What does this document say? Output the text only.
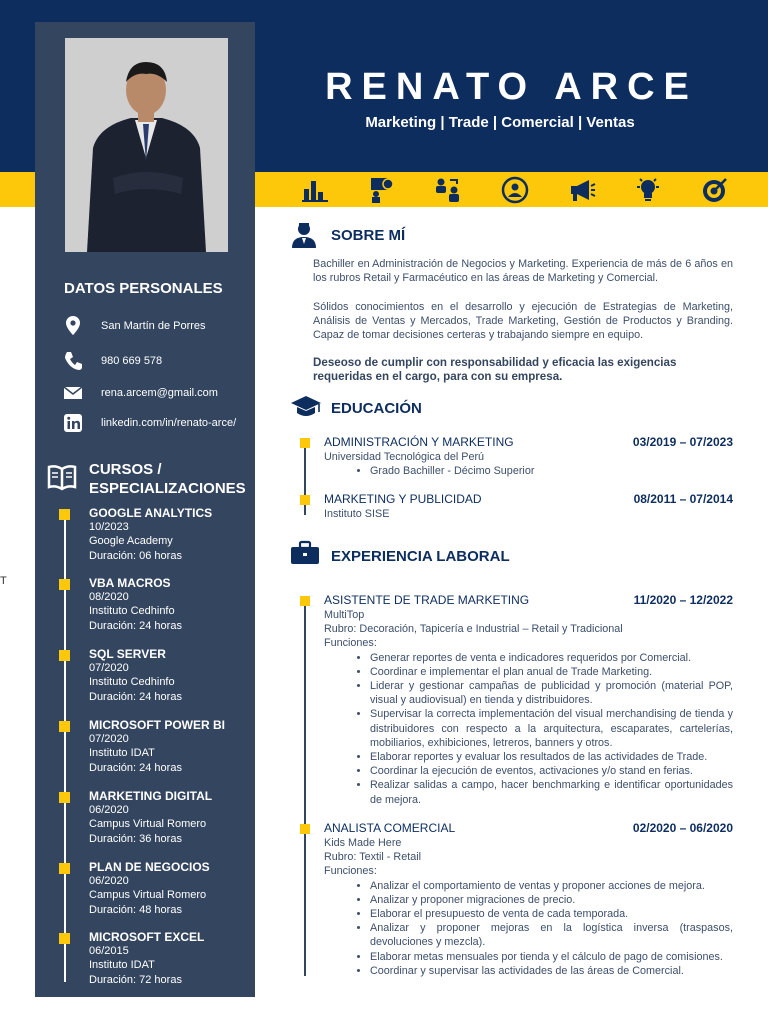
RENATO ARCE
Marketing | Trade | Comercial | Ventas
T
DATOS PERSONALES
San Martín de Porres
980 669 578
rena.arcem@gmail.com
linkedin.com/in/renato-arce/
CURSOS /
ESPECIALIZACIONES
GOOGLE ANALYTICS
10/2023
Google Academy
Duración: 06 horas
VBA MACROS
08/2020
Instituto Cedhinfo
Duración: 24 horas
SQL SERVER
07/2020
Instituto Cedhinfo
Duración: 24 horas
MICROSOFT POWER BI
07/2020
Instituto IDAT
Duración: 24 horas
MARKETING DIGITAL
06/2020
Campus Virtual Romero
Duración: 36 horas
PLAN DE NEGOCIOS
06/2020
Campus Virtual Romero
Duración: 48 horas
MICROSOFT EXCEL
06/2015
Instituto IDAT
Duración: 72 horas
SOBRE MÍ
Bachiller en Administración de Negocios y Marketing. Experiencia de más de 6 años en los rubros Retail y Farmacéutico en las áreas de Marketing y Comercial.
Sólidos conocimientos en el desarrollo y ejecución de Estrategias de Marketing, Análisis de Ventas y Mercados, Trade Marketing, Gestión de Productos y Branding. Capaz de tomar decisiones certeras y trabajando siempre en equipo.
Deseoso de cumplir con responsabilidad y eficacia las exigencias requeridas en el cargo, para con su empresa.
EDUCACIÓN
ADMINISTRACIÓN Y MARKETING	03/2019 – 07/2023
Universidad Tecnológica del Perú
• Grado Bachiller - Décimo Superior
MARKETING Y PUBLICIDAD	08/2011 – 07/2014
Instituto SISE
EXPERIENCIA LABORAL
ASISTENTE DE TRADE MARKETING	11/2020 – 12/2022
MultiTop
Rubro: Decoración, Tapicería e Industrial – Retail y Tradicional
Funciones:
• Generar reportes de venta e indicadores requeridos por Comercial.
• Coordinar e implementar el plan anual de Trade Marketing.
• Liderar y gestionar campañas de publicidad y promoción (material POP, visual y audiovisual) en tienda y distribuidores.
• Supervisar la correcta implementación del visual merchandising de tienda y distribuidores con respecto a la arquitectura, escaparates, cartelerías, mobiliarios, exhibiciones, letreros, banners y otros.
• Elaborar reportes y evaluar los resultados de las actividades de Trade.
• Coordinar la ejecución de eventos, activaciones y/o stand en ferias.
• Realizar salidas a campo, hacer benchmarking e identificar oportunidades de mejora.
ANALISTA COMERCIAL	02/2020 – 06/2020
Kids Made Here
Rubro: Textil - Retail
Funciones:
• Analizar el comportamiento de ventas y proponer acciones de mejora.
• Analizar y proponer migraciones de precio.
• Elaborar el presupuesto de venta de cada temporada.
• Analizar y proponer mejoras en la logística inversa (traspasos, devoluciones y mezcla).
• Elaborar metas mensuales por tienda y el cálculo de pago de comisiones.
• Coordinar y supervisar las actividades de las áreas de Comercial.
